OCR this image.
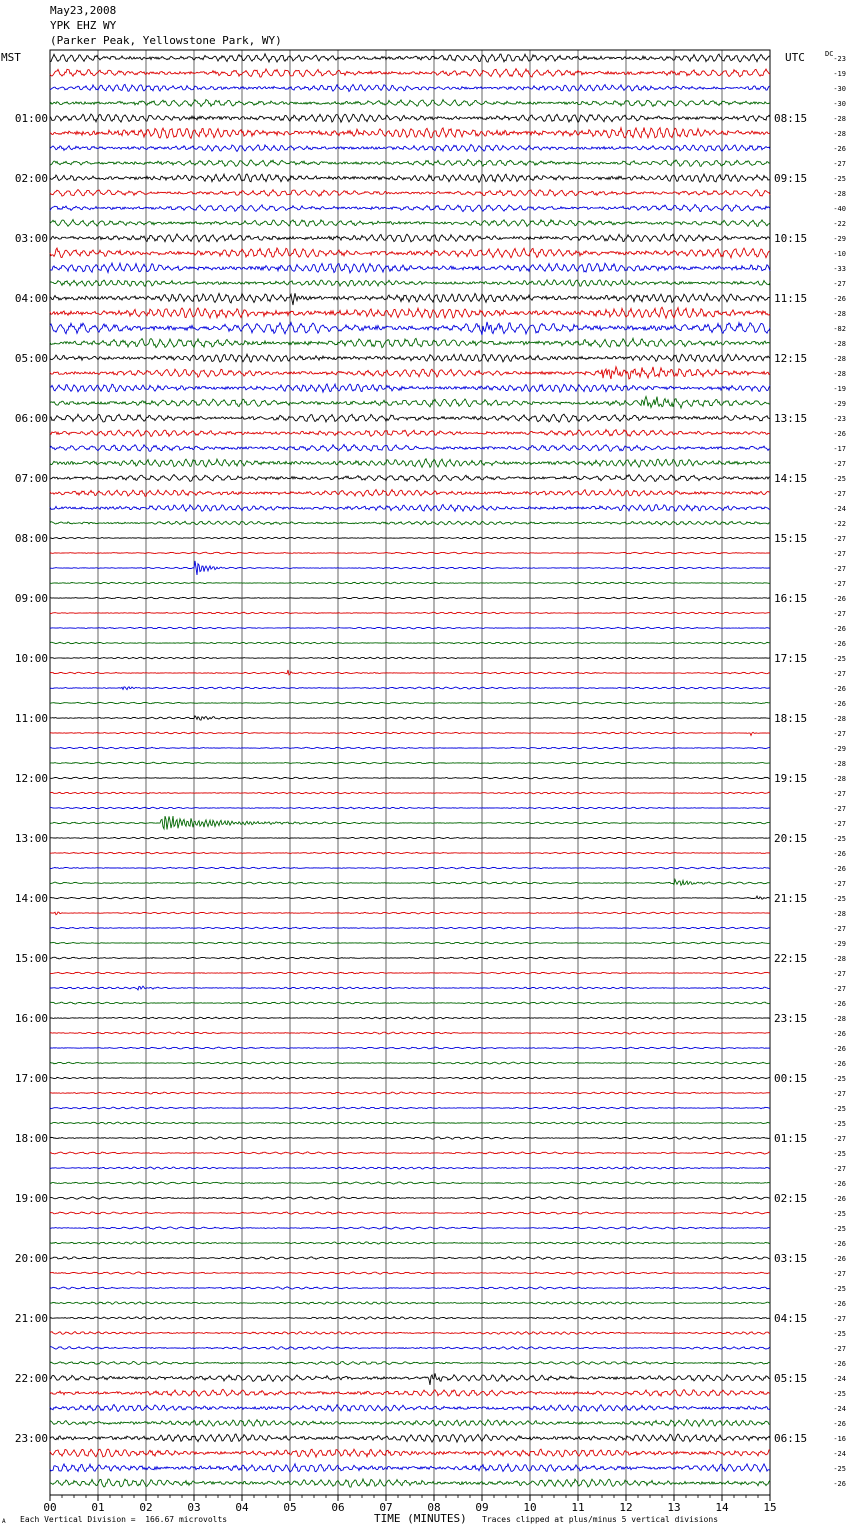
May23,2008
YPK EHZ WY
(Parker Peak, Yellowstone Park, WY)
MST	UTC	DC
00	01	02	03	04	05	06	07	08	09	10	11	12	13	14	15
01:00	08:15
02:00	09:15
03:00	10:15
04:00	11:15
05:00	12:15
06:00	13:15
07:00	14:15
08:00	15:15
09:00	16:15
10:00	17:15
11:00	18:15
12:00	19:15
13:00	20:15
14:00	21:15
15:00	22:15
16:00	23:15
17:00	00:15
18:00	01:15
19:00	02:15
20:00	03:15
21:00	04:15
22:00	05:15
23:00	06:15
-23
-19
-30
-30
-28
-28
-26
-27
-25
-28
-40
-22
-29
-10
-33
-27
-26
-28
-82
-28
-28
-28
-19
-29
-23
-26
-17
-27
-25
-27
-24
-22
-27
-27
-27
-27
-26
-27
-26
-26
-25
-27
-26
-26
-28
-27
-29
-28
-28
-27
-27
-27
-25
-26
-26
-27
-25
-28
-27
-29
-28
-27
-27
-26
-28
-26
-26
-26
-25
-27
-25
-25
-27
-25
-27
-26
-26
-25
-25
-26
-26
-27
-25
-26
-27
-25
-27
-26
-24
-25
-24
-26
-16
-24
-25
-26
Each Vertical Division =  166.67 microvolts	TIME (MINUTES) Traces clipped at plus/minus 5 vertical divisions
A
